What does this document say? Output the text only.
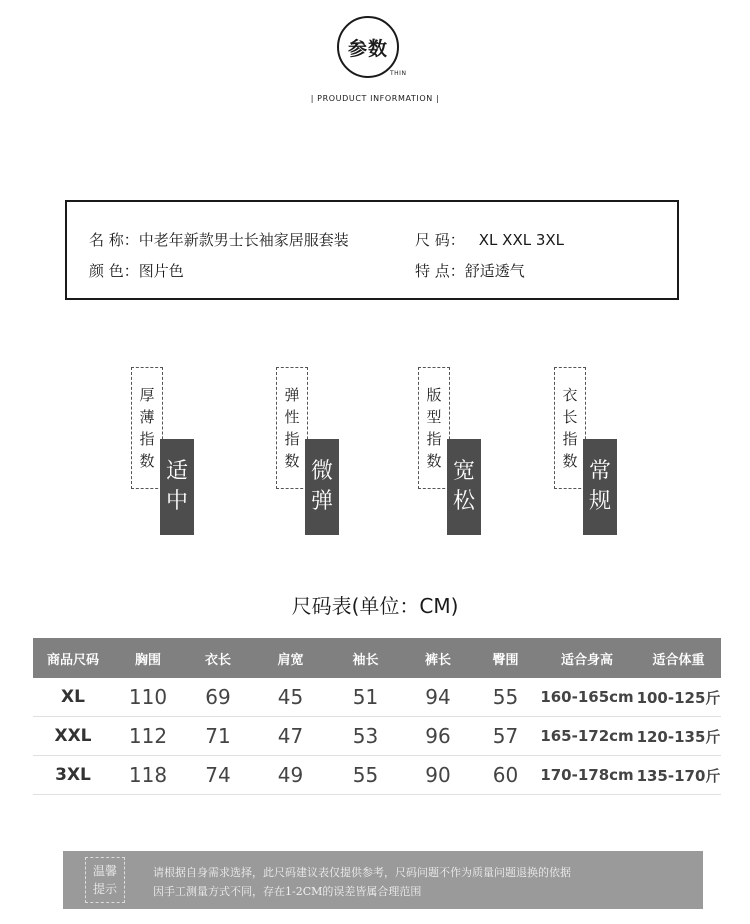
参数
THIN
| PROUDUCT INFORMATION |
名 称：中老年新款男士长袖家居服套装	尺 码： XL XXL 3XL
颜 色：图片色	特 点：舒适透气
厚
薄
指
数 适
中
弹
性
指
数 微
弹
版
型
指
数 宽
松
衣
长
指
数 常
规
尺码表(单位：CM)
商品尺码	胸围	衣长	肩宽	袖长	裤长	臀围	适合身高	适合体重
XL	110	69	45	51	94	55	160-165cm 100-125斤
XXL	112	71	47	53	96	57	165-172cm 120-135斤
3XL	118	74	49	55	90	60	170-178cm 135-170斤
温馨
提示
请根据自身需求选择，此尺码建议表仅提供参考，尺码问题不作为质量问题退换的依据
因手工测量方式不同，存在1-2CM的误差皆属合理范围
